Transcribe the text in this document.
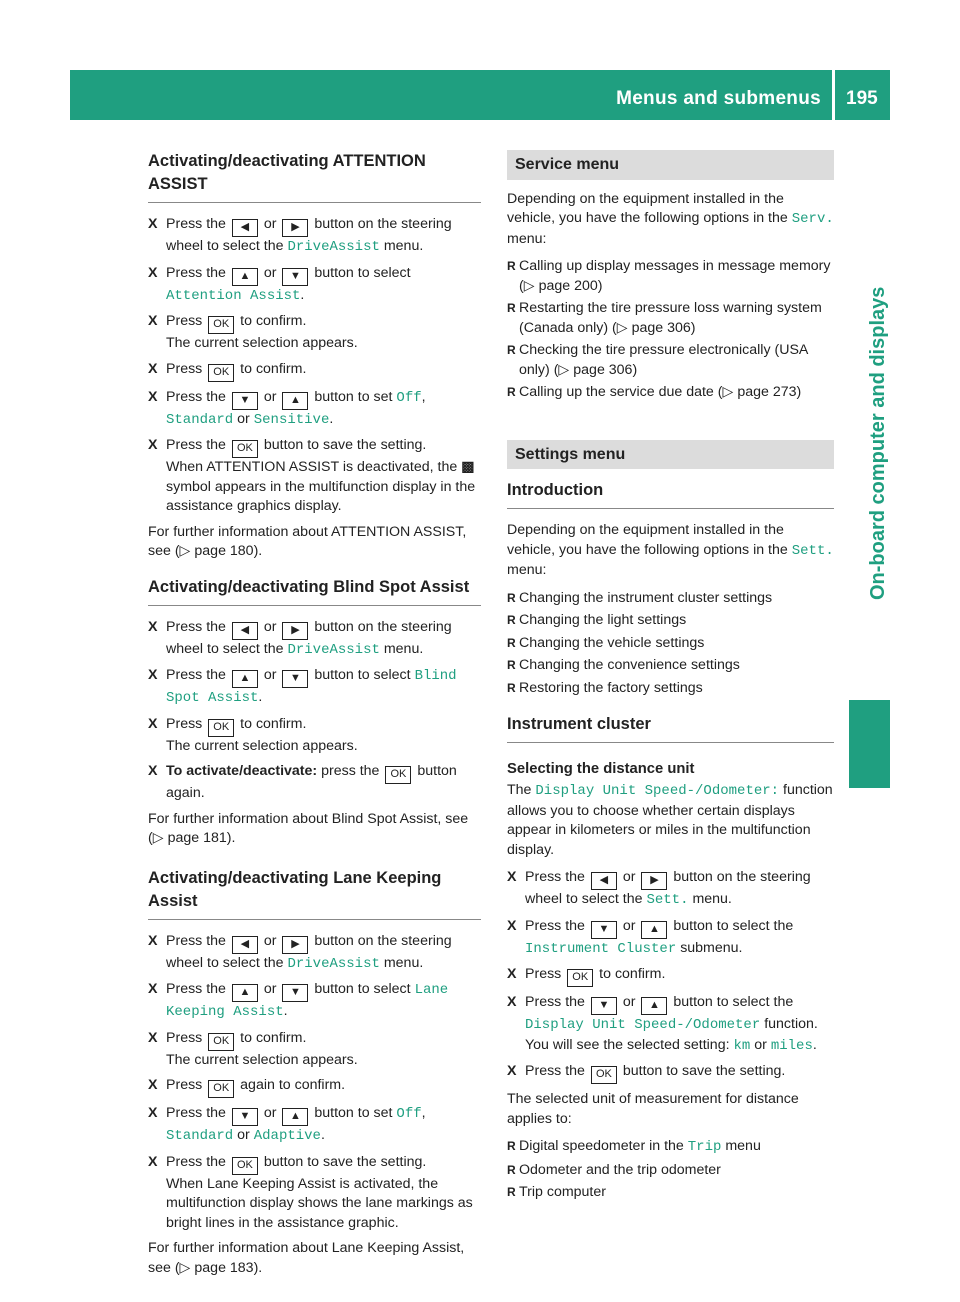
Menus and submenus 195
On-board computer and displays
Activating/deactivating ATTENTION ASSIST
X Press the ◀ or ▶ button on the steering wheel to select the DriveAssist menu.
X Press the ▲ or ▼ button to select Attention Assist.
X Press OK to confirm.
The current selection appears.
X Press OK to confirm.
X Press the ▼ or ▲ button to set Off, Standard or Sensitive.
X Press the OK button to save the setting.
When ATTENTION ASSIST is deactivated, the ▩ symbol appears in the multifunction display in the assistance graphics display.
For further information about ATTENTION ASSIST, see (▷ page 180).
Activating/deactivating Blind Spot Assist
X Press the ◀ or ▶ button on the steering wheel to select the DriveAssist menu.
X Press the ▲ or ▼ button to select Blind Spot Assist.
X Press OK to confirm.
The current selection appears.
X To activate/deactivate: press the OK button again.
For further information about Blind Spot Assist, see (▷ page 181).
Activating/deactivating Lane Keeping Assist
X Press the ◀ or ▶ button on the steering wheel to select the DriveAssist menu.
X Press the ▲ or ▼ button to select Lane Keeping Assist.
X Press OK to confirm.
The current selection appears.
X Press OK again to confirm.
X Press the ▼ or ▲ button to set Off, Standard or Adaptive.
X Press the OK button to save the setting.
When Lane Keeping Assist is activated, the multifunction display shows the lane markings as bright lines in the assistance graphic.
For further information about Lane Keeping Assist, see (▷ page 183).
Service menu
Depending on the equipment installed in the vehicle, you have the following options in the Serv. menu:
R Calling up display messages in message memory (▷ page 200)
R Restarting the tire pressure loss warning system (Canada only) (▷ page 306)
R Checking the tire pressure electronically (USA only) (▷ page 306)
R Calling up the service due date (▷ page 273)
Settings menu
Introduction
Depending on the equipment installed in the vehicle, you have the following options in the Sett. menu:
R Changing the instrument cluster settings
R Changing the light settings
R Changing the vehicle settings
R Changing the convenience settings
R Restoring the factory settings
Instrument cluster
Selecting the distance unit
The Display Unit Speed-/Odometer: function allows you to choose whether certain displays appear in kilometers or miles in the multifunction display.
X Press the ◀ or ▶ button on the steering wheel to select the Sett. menu.
X Press the ▼ or ▲ button to select the Instrument Cluster submenu.
X Press OK to confirm.
X Press the ▼ or ▲ button to select the Display Unit Speed-/Odometer function. You will see the selected setting: km or miles.
X Press the OK button to save the setting.
The selected unit of measurement for distance applies to:
R Digital speedometer in the Trip menu
R Odometer and the trip odometer
R Trip computer
